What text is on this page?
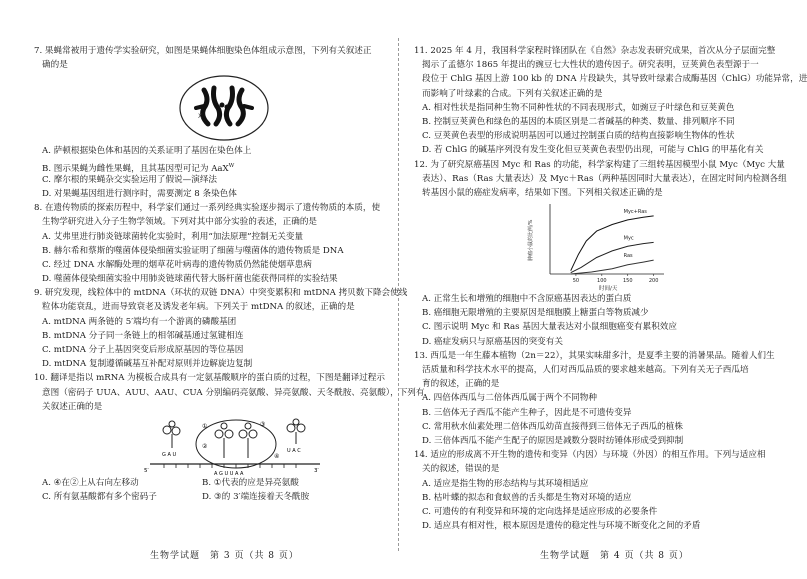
7. 果蝇常被用于遗传学实验研究，如图是果蝇体细胞染色体组成示意图，下列有关叙述正
确的是
X
A. 萨顿根据染色体和基因的关系证明了基因在染色体上
B. 图示果蝇为雌性果蝇，且其基因型可记为 AaX$^W$
C. 摩尔根的果蝇杂交实验运用了假说—演绎法
D. 对果蝇基因组进行测序时，需要测定 8 条染色体
8. 在遗传物质的探索历程中，科学家们通过一系列经典实验逐步揭示了遗传物质的本质，使
生物学研究进入分子生物学领域。下列对其中部分实验的表述，正确的是
A. 艾弗里进行肺炎链球菌转化实验时，利用“加法原理”控制无关变量
B. 赫尔希和蔡斯的噬菌体侵染细菌实验证明了细菌与噬菌体的遗传物质是 DNA
C. 经过 DNA 水解酶处理的烟草花叶病毒的遗传物质仍然能使烟草患病
D. 噬菌体侵染细菌实验中用肺炎链球菌代替大肠杆菌也能获得同样的实验结果
9. 研究发现，线粒体中的 mtDNA（环状的双链 DNA）中突变累积和 mtDNA 拷贝数下降会使线
粒体功能衰乱，进而导致衰老及诱发老年病。下列关于 mtDNA 的叙述，正确的是
A. mtDNA 两条链的 5′端均有一个游离的磷酸基团
B. mtDNA 分子同一条链上的相邻碱基通过氢键相连
C. mtDNA 分子上基因突变后形成原基因的等位基因
D. mtDNA 复制遵循碱基互补配对原则并边解旋边复制
10. 翻译是指以 mRNA 为模板合成具有一定氨基酸顺序的蛋白质的过程，下图是翻译过程示
意图（密码子 UUA、AUU、AAU、CUA 分别编码亮氨酸、异亮氨酸、天冬酰胺、亮氨酸），下列有
关叙述正确的是
G A U
U A C
①
②
③
④
5′	3′
A G U U A A
A. ④在②上从右向左移动	B. ①代表的应是异亮氨酸
C. 所有氨基酸都有多个密码子	D. ③的 3′端连接着天冬酰胺
生物学试题　第 3 页（共 8 页）
11. 2025 年 4 月，我国科学家程时锋团队在《自然》杂志发表研究成果，首次从分子层面完整
揭示了孟德尔 1865 年提出的豌豆七大性状的遗传因子。研究表明，豆荚黄色表型源于一
段位于 ChlG 基因上游 100 kb 的 DNA 片段缺失，其导致叶绿素合成酶基因（ChlG）功能异常，进
而影响了叶绿素的合成。下列有关叙述正确的是
A. 相对性状是指同种生物不同种性状的不同表现形式，如豌豆子叶绿色和豆荚黄色
B. 控制豆荚黄色和绿色的基因的本质区别是二者碱基的种类、数量、排列顺序不同
C. 豆荚黄色表型的形成说明基因可以通过控制蛋白质的结构直接影响生物体的性状
D. 若 ChlG 的碱基序列没有发生变化但豆荚黄色表型仍出现，可能与 ChlG 的甲基化有关
12. 为了研究原癌基因 Myc 和 Ras 的功能，科学家构建了三组转基因模型小鼠 Myc（Myc 大量
表达）、Ras（Ras 大量表达）及 Myc＋Ras（两种基因同时大量表达），在固定时间内检测各组
转基因小鼠的癌症发病率，结果如下图。下列相关叙述正确的是
肿瘤小鼠的比例/%
时间/天
50	100	150	200
Myc+Ras
Myc
Ras
A. 正常生长和增殖的细胞中不含原癌基因表达的蛋白质
B. 癌细胞无限增殖的主要原因是细胞膜上糖蛋白等物质减少
C. 图示说明 Myc 和 Ras 基因大量表达对小鼠细胞癌变有累积效应
D. 癌症发病只与原癌基因的突变有关
13. 西瓜是一年生藤本植物（2n＝22），其果实味甜多汁，是夏季主要的消暑果品。随着人们生
活质量和科学技术水平的提高，人们对西瓜品质的要求越来越高。下列有关无子西瓜培
育的叙述，正确的是
A. 四倍体西瓜与二倍体西瓜属于两个不同物种
B. 三倍体无子西瓜不能产生种子，因此是不可遗传变异
C. 常用秋水仙素处理二倍体西瓜幼苗直接得到三倍体无子西瓜的植株
D. 三倍体西瓜不能产生配子的原因是减数分裂时纺锤体形成受到抑制
14. 适应的形成离不开生物的遗传和变异（内因）与环境（外因）的相互作用。下列与适应相
关的叙述，错误的是
A. 适应是指生物的形态结构与其环境相适应
B. 枯叶蝶的拟态和食蚁兽的舌头都是生物对环境的适应
C. 可遗传的有利变异和环境的定向选择是适应形成的必要条件
D. 适应具有相对性，根本原因是遗传的稳定性与环境不断变化之间的矛盾
生物学试题　第 4 页（共 8 页）
